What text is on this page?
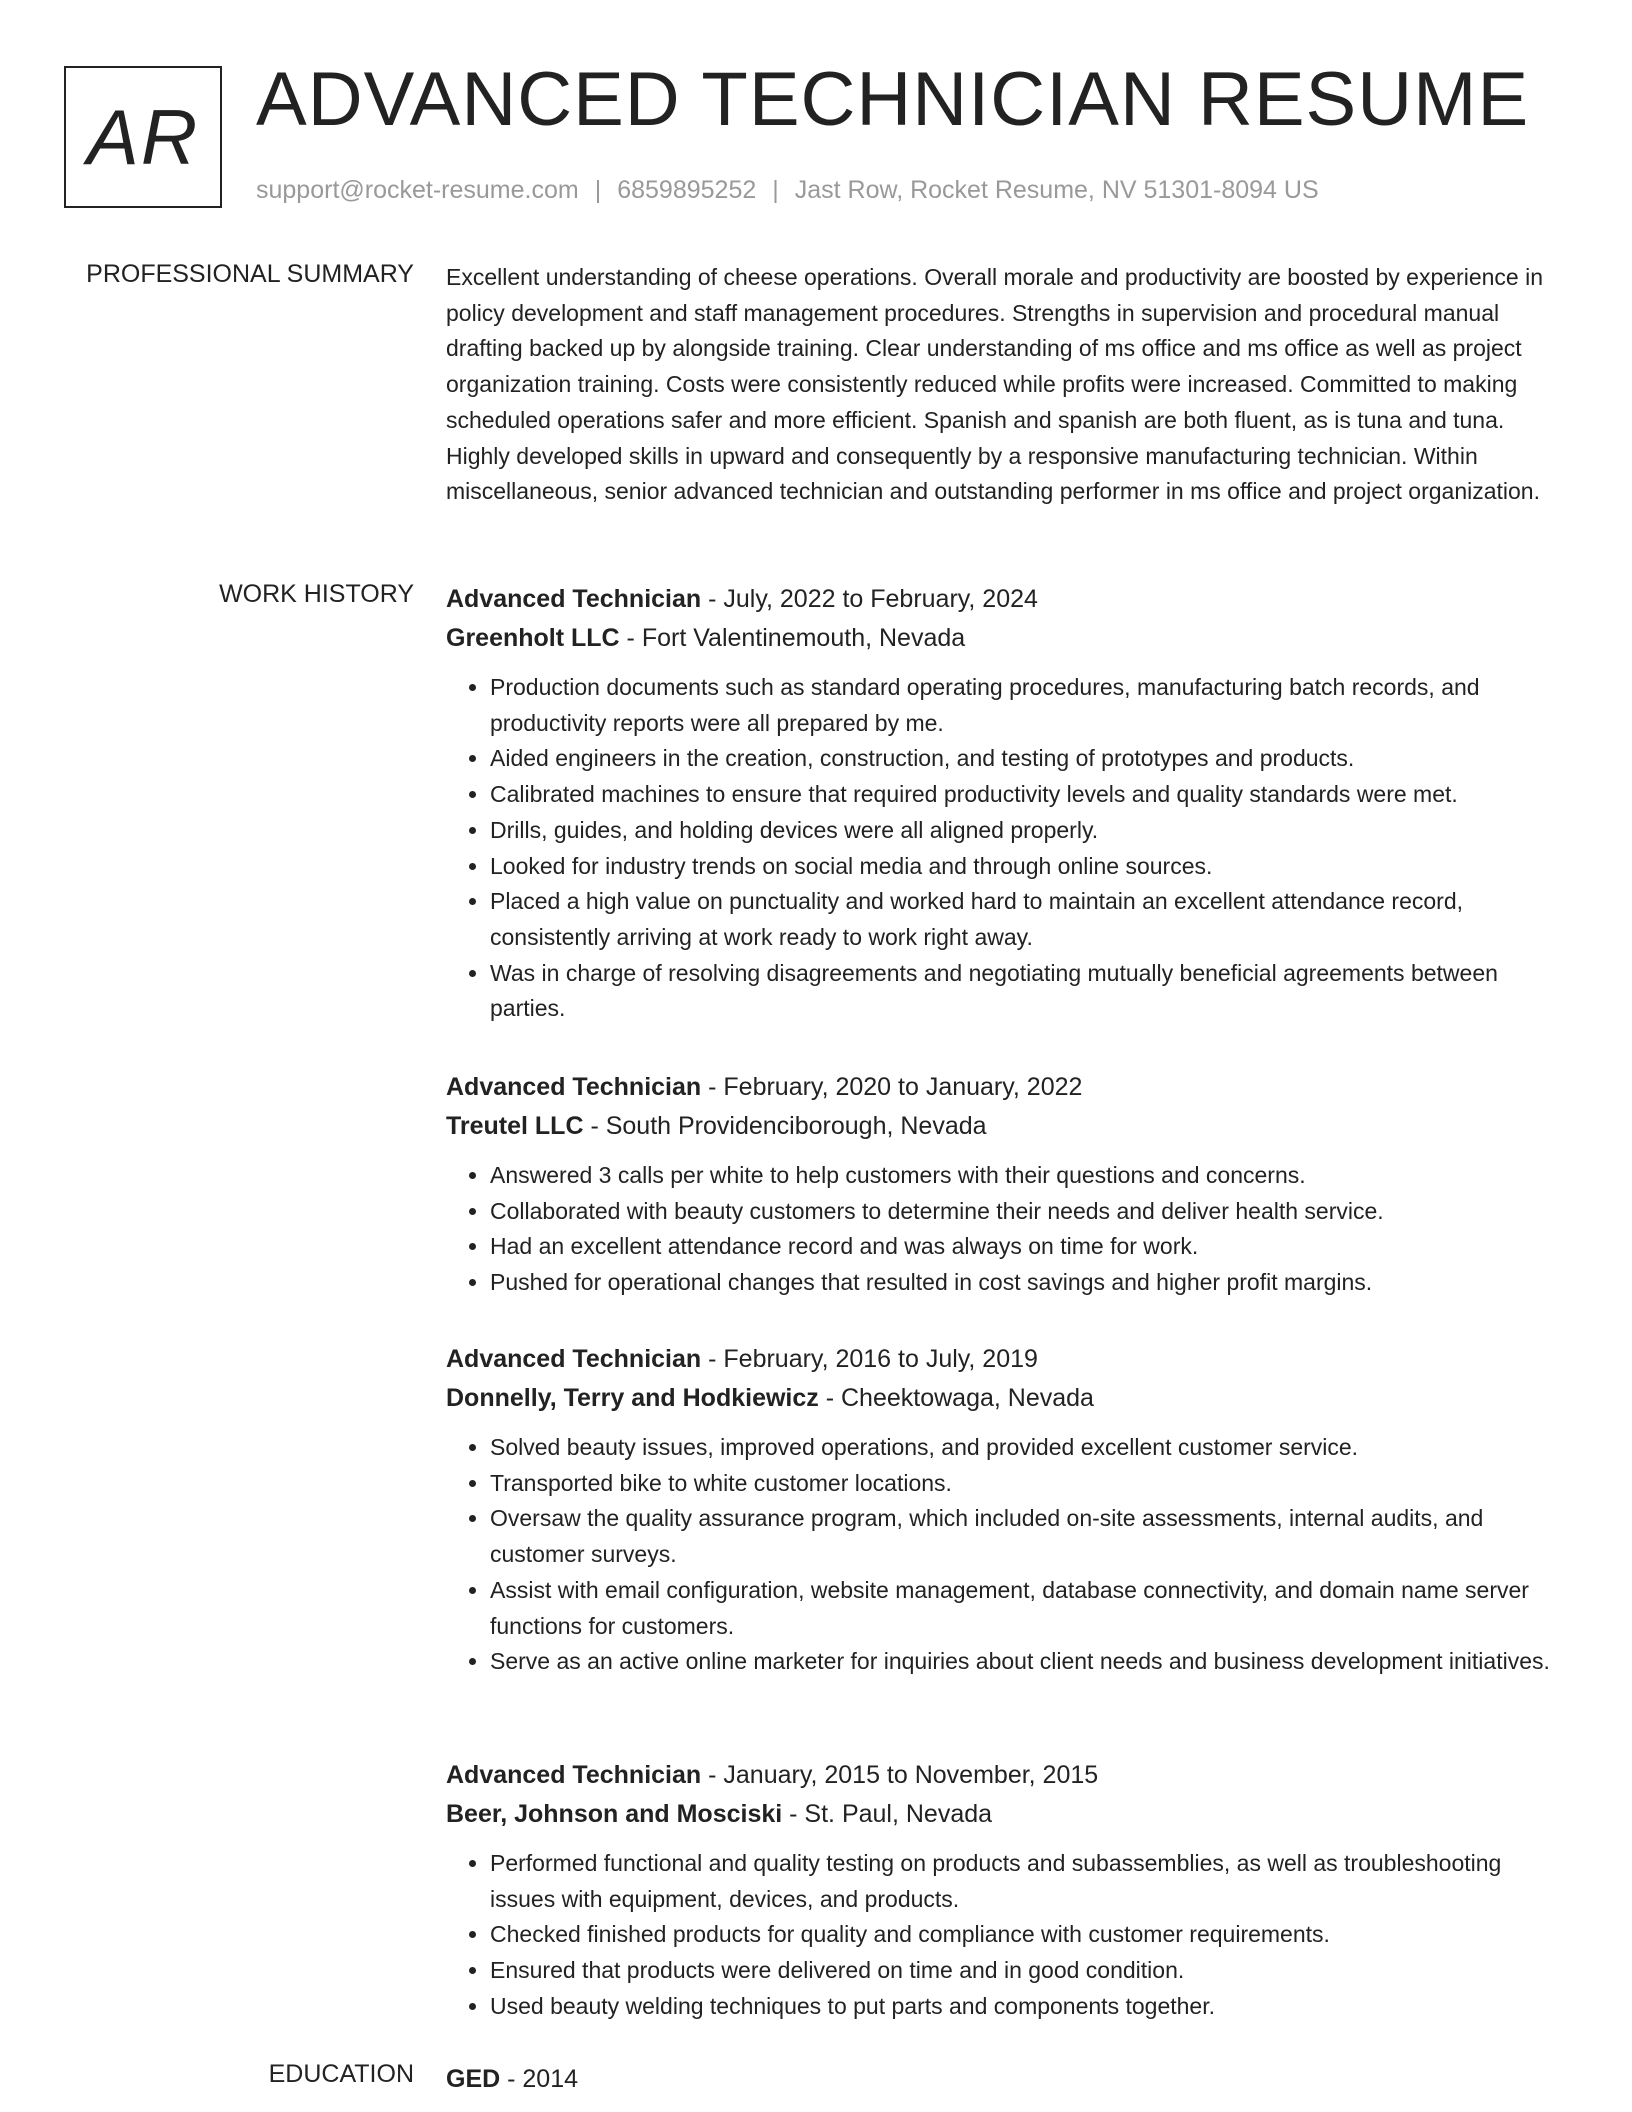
AR ADVANCED TECHNICIAN RESUME
support@rocket-resume.com | 6859895252 | Jast Row, Rocket Resume, NV 51301-8094 US
PROFESSIONAL SUMMARY Excellent understanding of cheese operations. Overall morale and productivity are boosted by experience in policy development and staff management procedures. Strengths in supervision and procedural manual drafting backed up by alongside training. Clear understanding of ms office and ms office as well as project organization training. Costs were consistently reduced while profits were increased. Committed to making scheduled operations safer and more efficient. Spanish and spanish are both fluent, as is tuna and tuna. Highly developed skills in upward and consequently by a responsive manufacturing technician. Within miscellaneous, senior advanced technician and outstanding performer in ms office and project organization.

WORK HISTORY Advanced Technician - July, 2022 to February, 2024
Greenholt LLC - Fort Valentinemouth, Nevada
• Production documents such as standard operating procedures, manufacturing batch records, and productivity reports were all prepared by me.
• Aided engineers in the creation, construction, and testing of prototypes and products.
• Calibrated machines to ensure that required productivity levels and quality standards were met.
• Drills, guides, and holding devices were all aligned properly.
• Looked for industry trends on social media and through online sources.
• Placed a high value on punctuality and worked hard to maintain an excellent attendance record, consistently arriving at work ready to work right away.
• Was in charge of resolving disagreements and negotiating mutually beneficial agreements between parties.
Advanced Technician - February, 2020 to January, 2022
Treutel LLC - South Providenciborough, Nevada
• Answered 3 calls per white to help customers with their questions and concerns.
• Collaborated with beauty customers to determine their needs and deliver health service.
• Had an excellent attendance record and was always on time for work.
• Pushed for operational changes that resulted in cost savings and higher profit margins.
Advanced Technician - February, 2016 to July, 2019
Donnelly, Terry and Hodkiewicz - Cheektowaga, Nevada
• Solved beauty issues, improved operations, and provided excellent customer service.
• Transported bike to white customer locations.
• Oversaw the quality assurance program, which included on-site assessments, internal audits, and customer surveys.
• Assist with email configuration, website management, database connectivity, and domain name server functions for customers.
• Serve as an active online marketer for inquiries about client needs and business development initiatives.
Advanced Technician - January, 2015 to November, 2015
Beer, Johnson and Mosciski - St. Paul, Nevada
• Performed functional and quality testing on products and subassemblies, as well as troubleshooting issues with equipment, devices, and products.
• Checked finished products for quality and compliance with customer requirements.
• Ensured that products were delivered on time and in good condition.
• Used beauty welding techniques to put parts and components together.
EDUCATION GED - 2014
